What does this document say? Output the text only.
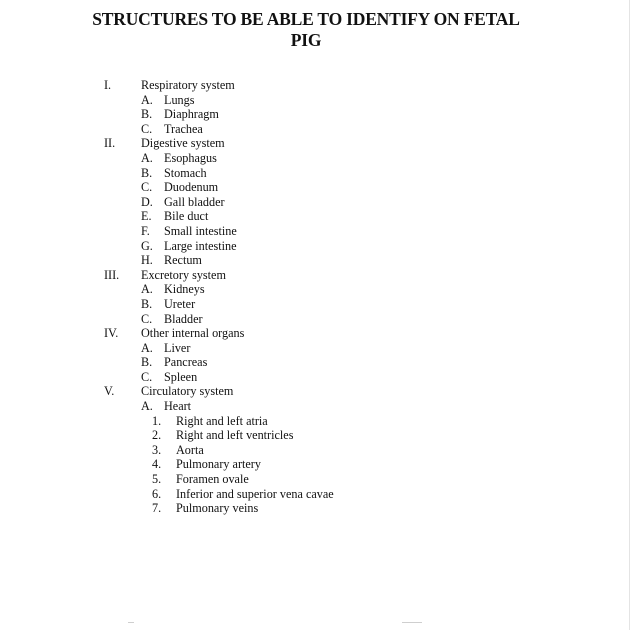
STRUCTURES TO BE ABLE TO IDENTIFY ON FETAL
PIG
I. Respiratory system
A. Lungs
B. Diaphragm
C. Trachea
II. Digestive system
A. Esophagus
B. Stomach
C. Duodenum
D. Gall bladder
E. Bile duct
F. Small intestine
G. Large intestine
H. Rectum
III. Excretory system
A. Kidneys
B. Ureter
C. Bladder
IV. Other internal organs
A. Liver
B. Pancreas
C. Spleen
V. Circulatory system
A. Heart
1. Right and left atria
2. Right and left ventricles
3. Aorta
4. Pulmonary artery
5. Foramen ovale
6. Inferior and superior vena cavae
7. Pulmonary veins
